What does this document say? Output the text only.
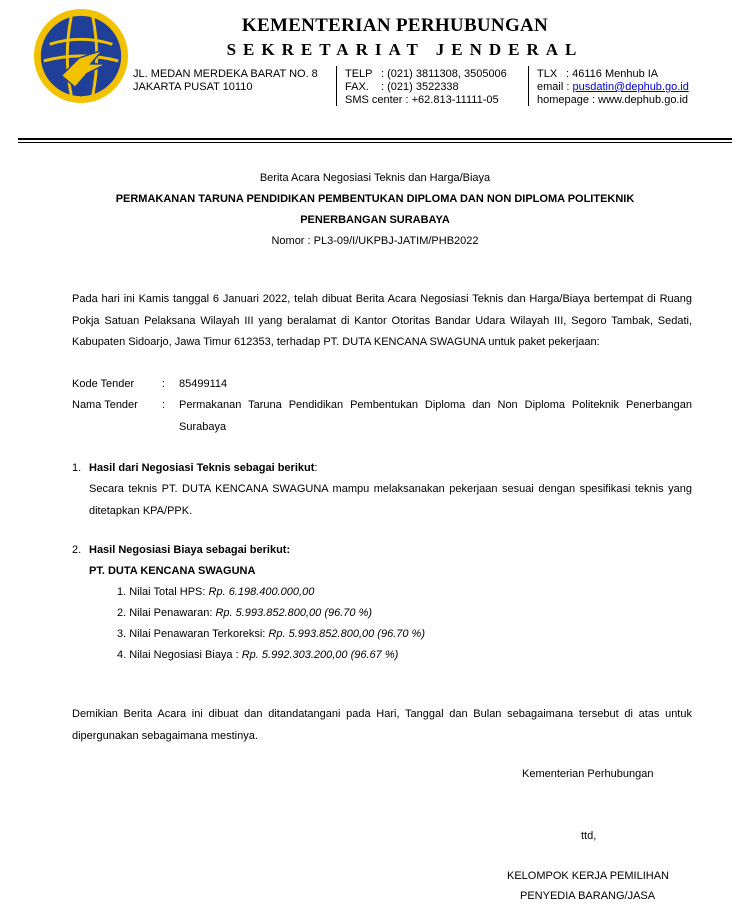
KEMENTERIAN PERHUBUNGAN
SEKRETARIAT JENDERAL
JL. MEDAN MERDEKA BARAT NO. 8
JAKARTA PUSAT 10110
TELP : (021) 3811308, 3505006
FAX. : (021) 3522338
SMS center : +62.813-11111-05
TLX : 46116 Menhub IA
email : pusdatin@dephub.go.id
homepage : www.dephub.go.id
Berita Acara Negosiasi Teknis dan Harga/Biaya
PERMAKANAN TARUNA PENDIDIKAN PEMBENTUKAN DIPLOMA DAN NON DIPLOMA POLITEKNIK
PENERBANGAN SURABAYA
Nomor : PL3-09/I/UKPBJ-JATIM/PHB2022
Pada hari ini Kamis tanggal 6 Januari 2022, telah dibuat Berita Acara Negosiasi Teknis dan Harga/Biaya bertempat di Ruang Pokja Satuan Pelaksana Wilayah III yang beralamat di Kantor Otoritas Bandar Udara Wilayah III, Segoro Tambak, Sedati, Kabupaten Sidoarjo, Jawa Timur 612353, terhadap PT. DUTA KENCANA SWAGUNA untuk paket pekerjaan:
Kode Tender	: 85499114
Nama Tender : Permakanan Taruna Pendidikan Pembentukan Diploma dan Non Diploma Politeknik Penerbangan Surabaya
1. Hasil dari Negosiasi Teknis sebagai berikut:
Secara teknis PT. DUTA KENCANA SWAGUNA mampu melaksanakan pekerjaan sesuai dengan spesifikasi teknis yang ditetapkan KPA/PPK.
2. Hasil Negosiasi Biaya sebagai berikut:
PT. DUTA KENCANA SWAGUNA
1. Nilai Total HPS: Rp. 6.198.400.000,00
2. Nilai Penawaran: Rp. 5.993.852.800,00 (96.70 %)
3. Nilai Penawaran Terkoreksi: Rp. 5.993.852.800,00 (96.70 %)
4. Nilai Negosiasi Biaya : Rp. 5.992.303.200,00 (96.67 %)
Demikian Berita Acara ini dibuat dan ditandatangani pada Hari, Tanggal dan Bulan sebagaimana tersebut di atas untuk dipergunakan sebagaimana mestinya.
Kementerian Perhubungan
ttd,
KELOMPOK KERJA PEMILIHAN
PENYEDIA BARANG/JASA
